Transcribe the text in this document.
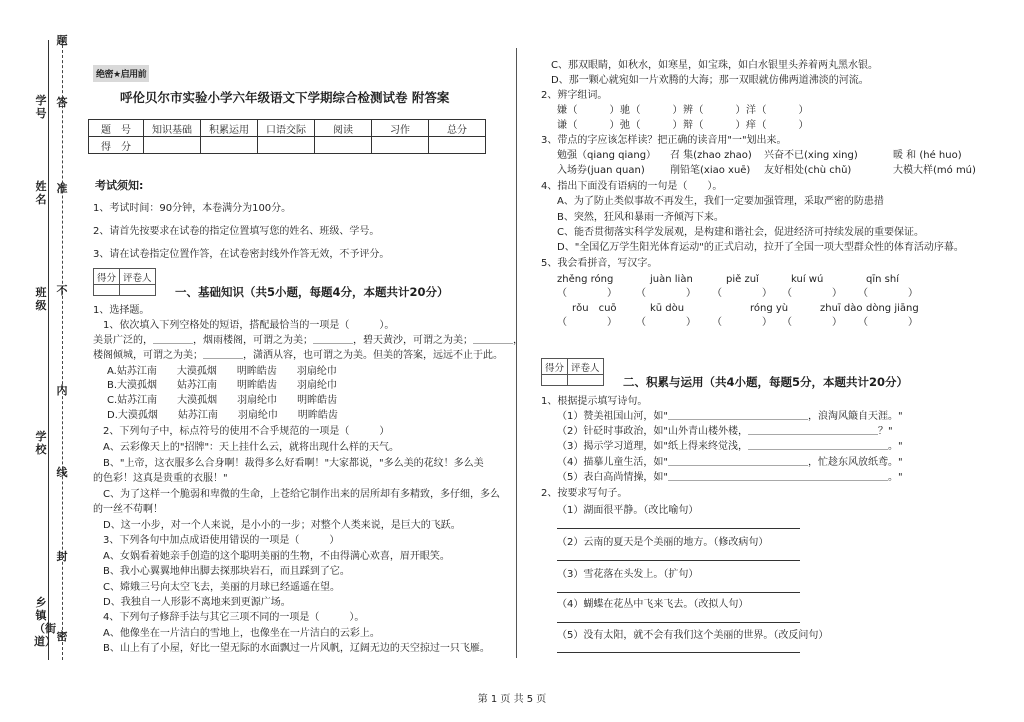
题
答
学号
准
姓名
不
班级
内
学校
线
封
乡镇（街道） 密
绝密★启用前
呼伦贝尔市实验小学六年级语文下学期综合检测试卷 附答案
题　号	知识基础	积累运用	口语交际	阅读	习作	总分
得　分						
考试须知:
1、考试时间：90分钟，本卷满分为100分。
2、请首先按要求在试卷的指定位置填写您的姓名、班级、学号。
3、请在试卷指定位置作答，在试卷密封线外作答无效，不予评分。
得分	评卷人

一、基础知识（共5小题，每题4分，本题共计20分）
1、选择题。
　1、依次填入下列空格处的短语，搭配最恰当的一项是（　　　）。
美景广泛的，＿＿＿＿，烟雨楼阁，可谓之为美；＿＿＿＿，碧天黄沙，可谓之为美；＿＿＿＿，
楼阁倾城，可谓之为美；＿＿＿＿，潇洒从容，也可谓之为美。但美的答案，远远不止于此。
A.姑苏江南　　大漠孤烟　　明眸皓齿　　羽扇纶巾
B.大漠孤烟　　姑苏江南　　明眸皓齿　　羽扇纶巾
C.姑苏江南　　大漠孤烟　　羽扇纶巾　　明眸皓齿
D.大漠孤烟　　姑苏江南　　羽扇纶巾　　明眸皓齿
　2、下列句子中，标点符号的使用不合乎规范的一项是（　　　）
　A、云彩像天上的"招牌"：天上挂什么云，就将出现什么样的天气。
　B、"上帝，这衣服多么合身啊！裁得多么好看啊！"大家都说，"多么美的花纹！多么美
的色彩！这真是贵重的衣服！"
　C、为了这样一个脆弱和卑微的生命，上苍给它制作出来的居所却有多精致，多仔细，多么
的一丝不苟啊！
　D、这一小步，对一个人来说，是小小的一步；对整个人类来说，是巨大的飞跃。
　3、下列各句中加点成语使用错误的一项是（　　　）
　A、女娲看着她亲手创造的这个聪明美丽的生物，不由得满心欢喜，眉开眼笑。
　B、我小心翼翼地伸出脚去探那块岩石，而且踩到了它。
　C、嫦娥三号向太空飞去，美丽的月球已经遥遥在望。
　D、我独自一人形影不离地来到更源广场。
　4、下列句子修辞手法与其它三项不同的一项是（　　　）。
　A、他像坐在一片洁白的雪地上，也像坐在一片洁白的云彩上。
　B、山上有了小屋，好比一望无际的水面飘过一片风帆，辽阔无边的天空掠过一只飞雁。
　C、那双眼睛，如秋水，如寒星，如宝珠，如白水银里头养着两丸黑水银。
　D、那一颗心就宛如一片欢腾的大海；那一双眼就仿佛两道沸淡的河流。
2、辨字组词。
嫌（　　　）驰（　　　）辨（　　　）洋（　　　）
谦（　　　）弛（　　　）辩（　　　）痒（　　　）
3、带点的字应该怎样读？把正确的读音用"一"划出来。
勉强（qiang qiang） 召 集(zhao zhao) 兴奋不已(xing xing)	暖 和 (hé huo)
入场券(juan quan)	削铅笔(xiao xuē) 友好相处(chù chǔ)	大模大样(mó mú)
4、指出下面没有语病的一句是（　　）。
A、为了防止类似事故不再发生，我们一定要加强管理，采取严密的防患措
B、突然，狂风和暴雨一齐倾泻下来。
C、能否贯彻落实科学发展观，是构建和谐社会，促进经济可持续发展的重要保证。
D、"全国亿万学生阳光体育运动"的正式启动，拉开了全国一项大型群众性的体育活动序幕。
5、我会看拼音，写汉字。
zhěng róng	juàn liàn	piě zuǐ	kuí wú	qīn shí
（　　　　） （　　　　） （　　　　） （　　　　） （　　　　）
rǒu　cuō	kū dòu	róng yù	zhuī dào dòng jiāng
（　　　　） （　　　　） （　　　　） （　　　　） （　　　　）
得分	评卷人

二、积累与运用（共4小题，每题5分，本题共计20分）
1、根据提示填写诗句。
（1）赞美祖国山河，如"＿＿＿＿＿＿＿＿＿＿＿＿＿＿，浪淘风簸自天涯。"
（2）针砭时事政治，如"山外青山楼外楼，＿＿＿＿＿＿＿＿＿＿＿＿＿？"
（3）揭示学习道理，如"纸上得来终觉浅，＿＿＿＿＿＿＿＿＿＿＿＿＿＿。"
（4）描摹儿童生活，如"＿＿＿＿＿＿＿＿＿＿＿＿＿＿，忙趁东风放纸鸢。"
（5）表白高尚情操，如"＿＿＿＿＿＿＿＿＿＿＿＿＿＿＿＿＿＿＿＿＿＿。"
2、按要求写句子。
（1）湖面很平静。（改比喻句）
（2）云南的夏天是个美丽的地方。（修改病句）
（3）雪花落在头发上。（扩句）
（4）蝴蝶在花丛中飞来飞去。（改拟人句）
（5）没有太阳，就不会有我们这个美丽的世界。（改反问句）
第 1 页 共 5 页
